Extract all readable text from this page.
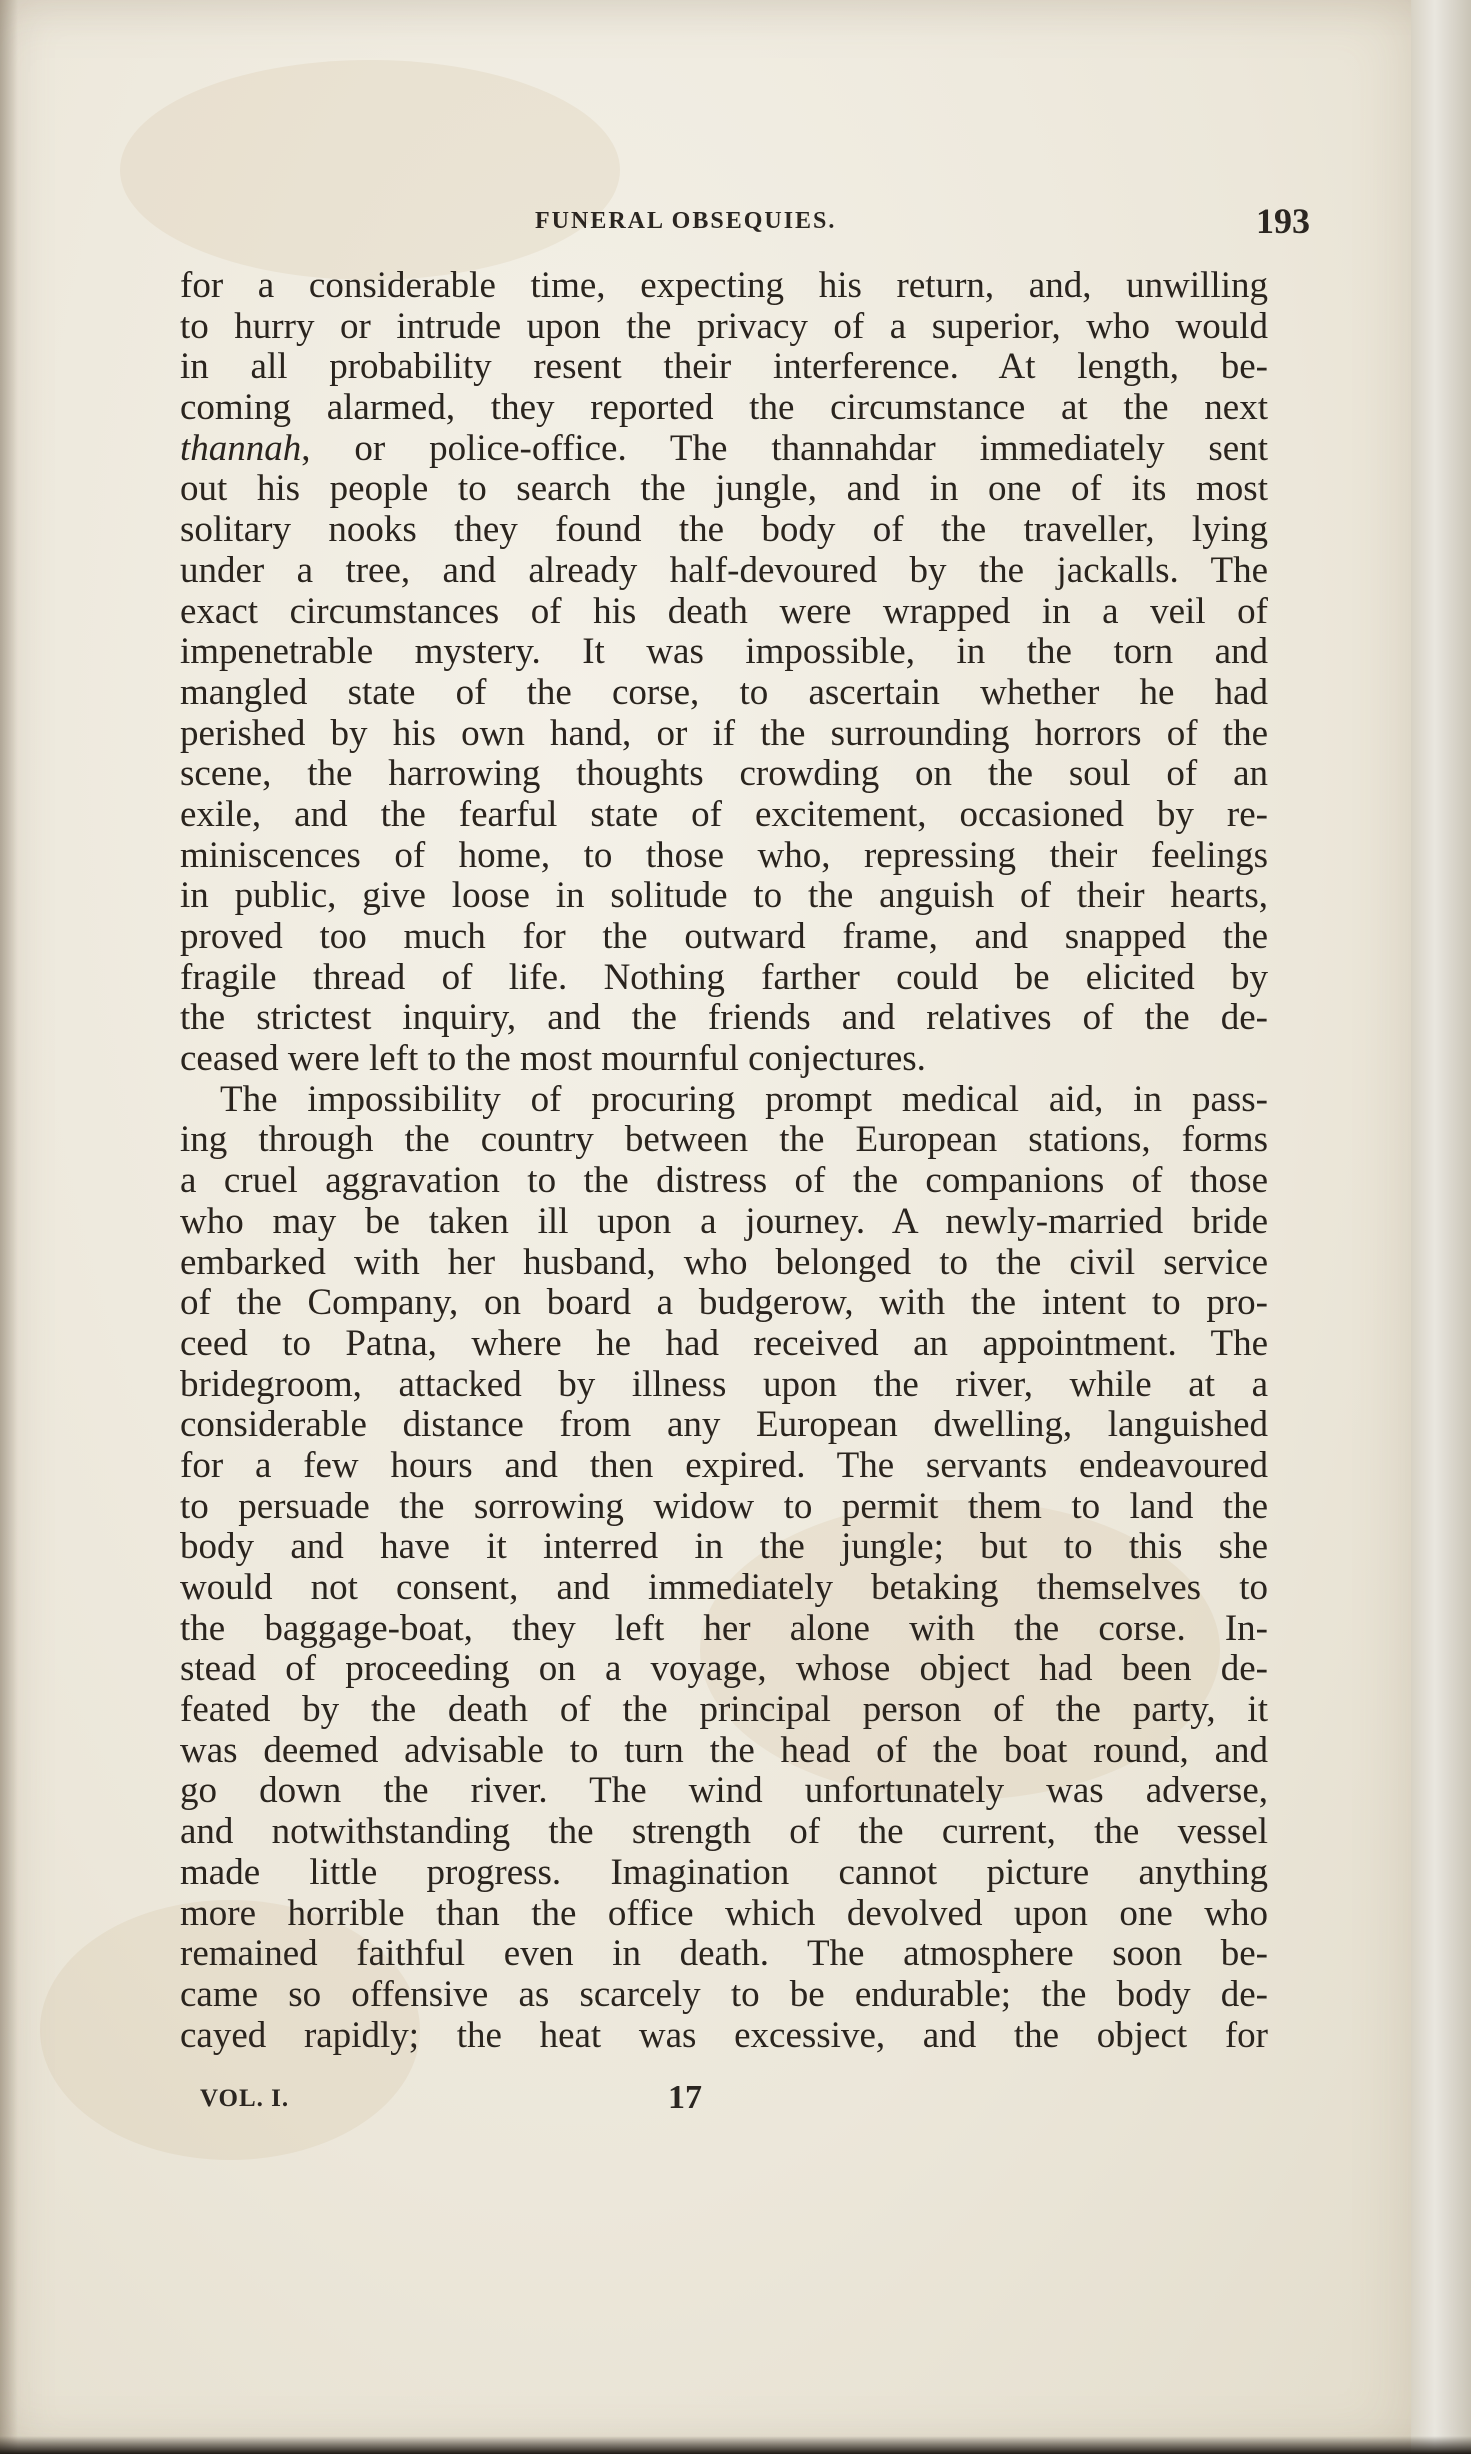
FUNERAL OBSEQUIES.	193
for a considerable time, expecting his return, and, unwilling
to hurry or intrude upon the privacy of a superior, who would
in all probability resent their interference. At length, be-
coming alarmed, they reported the circumstance at the next
thannah, or police-office. The thannahdar immediately sent
out his people to search the jungle, and in one of its most
solitary nooks they found the body of the traveller, lying
under a tree, and already half-devoured by the jackalls. The
exact circumstances of his death were wrapped in a veil of
impenetrable mystery. It was impossible, in the torn and
mangled state of the corse, to ascertain whether he had
perished by his own hand, or if the surrounding horrors of the
scene, the harrowing thoughts crowding on the soul of an
exile, and the fearful state of excitement, occasioned by re-
miniscences of home, to those who, repressing their feelings
in public, give loose in solitude to the anguish of their hearts,
proved too much for the outward frame, and snapped the
fragile thread of life. Nothing farther could be elicited by
the strictest inquiry, and the friends and relatives of the de-
ceased were left to the most mournful conjectures.
The impossibility of procuring prompt medical aid, in pass-
ing through the country between the European stations, forms
a cruel aggravation to the distress of the companions of those
who may be taken ill upon a journey. A newly-married bride
embarked with her husband, who belonged to the civil service
of the Company, on board a budgerow, with the intent to pro-
ceed to Patna, where he had received an appointment. The
bridegroom, attacked by illness upon the river, while at a
considerable distance from any European dwelling, languished
for a few hours and then expired. The servants endeavoured
to persuade the sorrowing widow to permit them to land the
body and have it interred in the jungle; but to this she
would not consent, and immediately betaking themselves to
the baggage-boat, they left her alone with the corse. In-
stead of proceeding on a voyage, whose object had been de-
feated by the death of the principal person of the party, it
was deemed advisable to turn the head of the boat round, and
go down the river. The wind unfortunately was adverse,
and notwithstanding the strength of the current, the vessel
made little progress. Imagination cannot picture anything
more horrible than the office which devolved upon one who
remained faithful even in death. The atmosphere soon be-
came so offensive as scarcely to be endurable; the body de-
cayed rapidly; the heat was excessive, and the object for
VOL. I.	17
